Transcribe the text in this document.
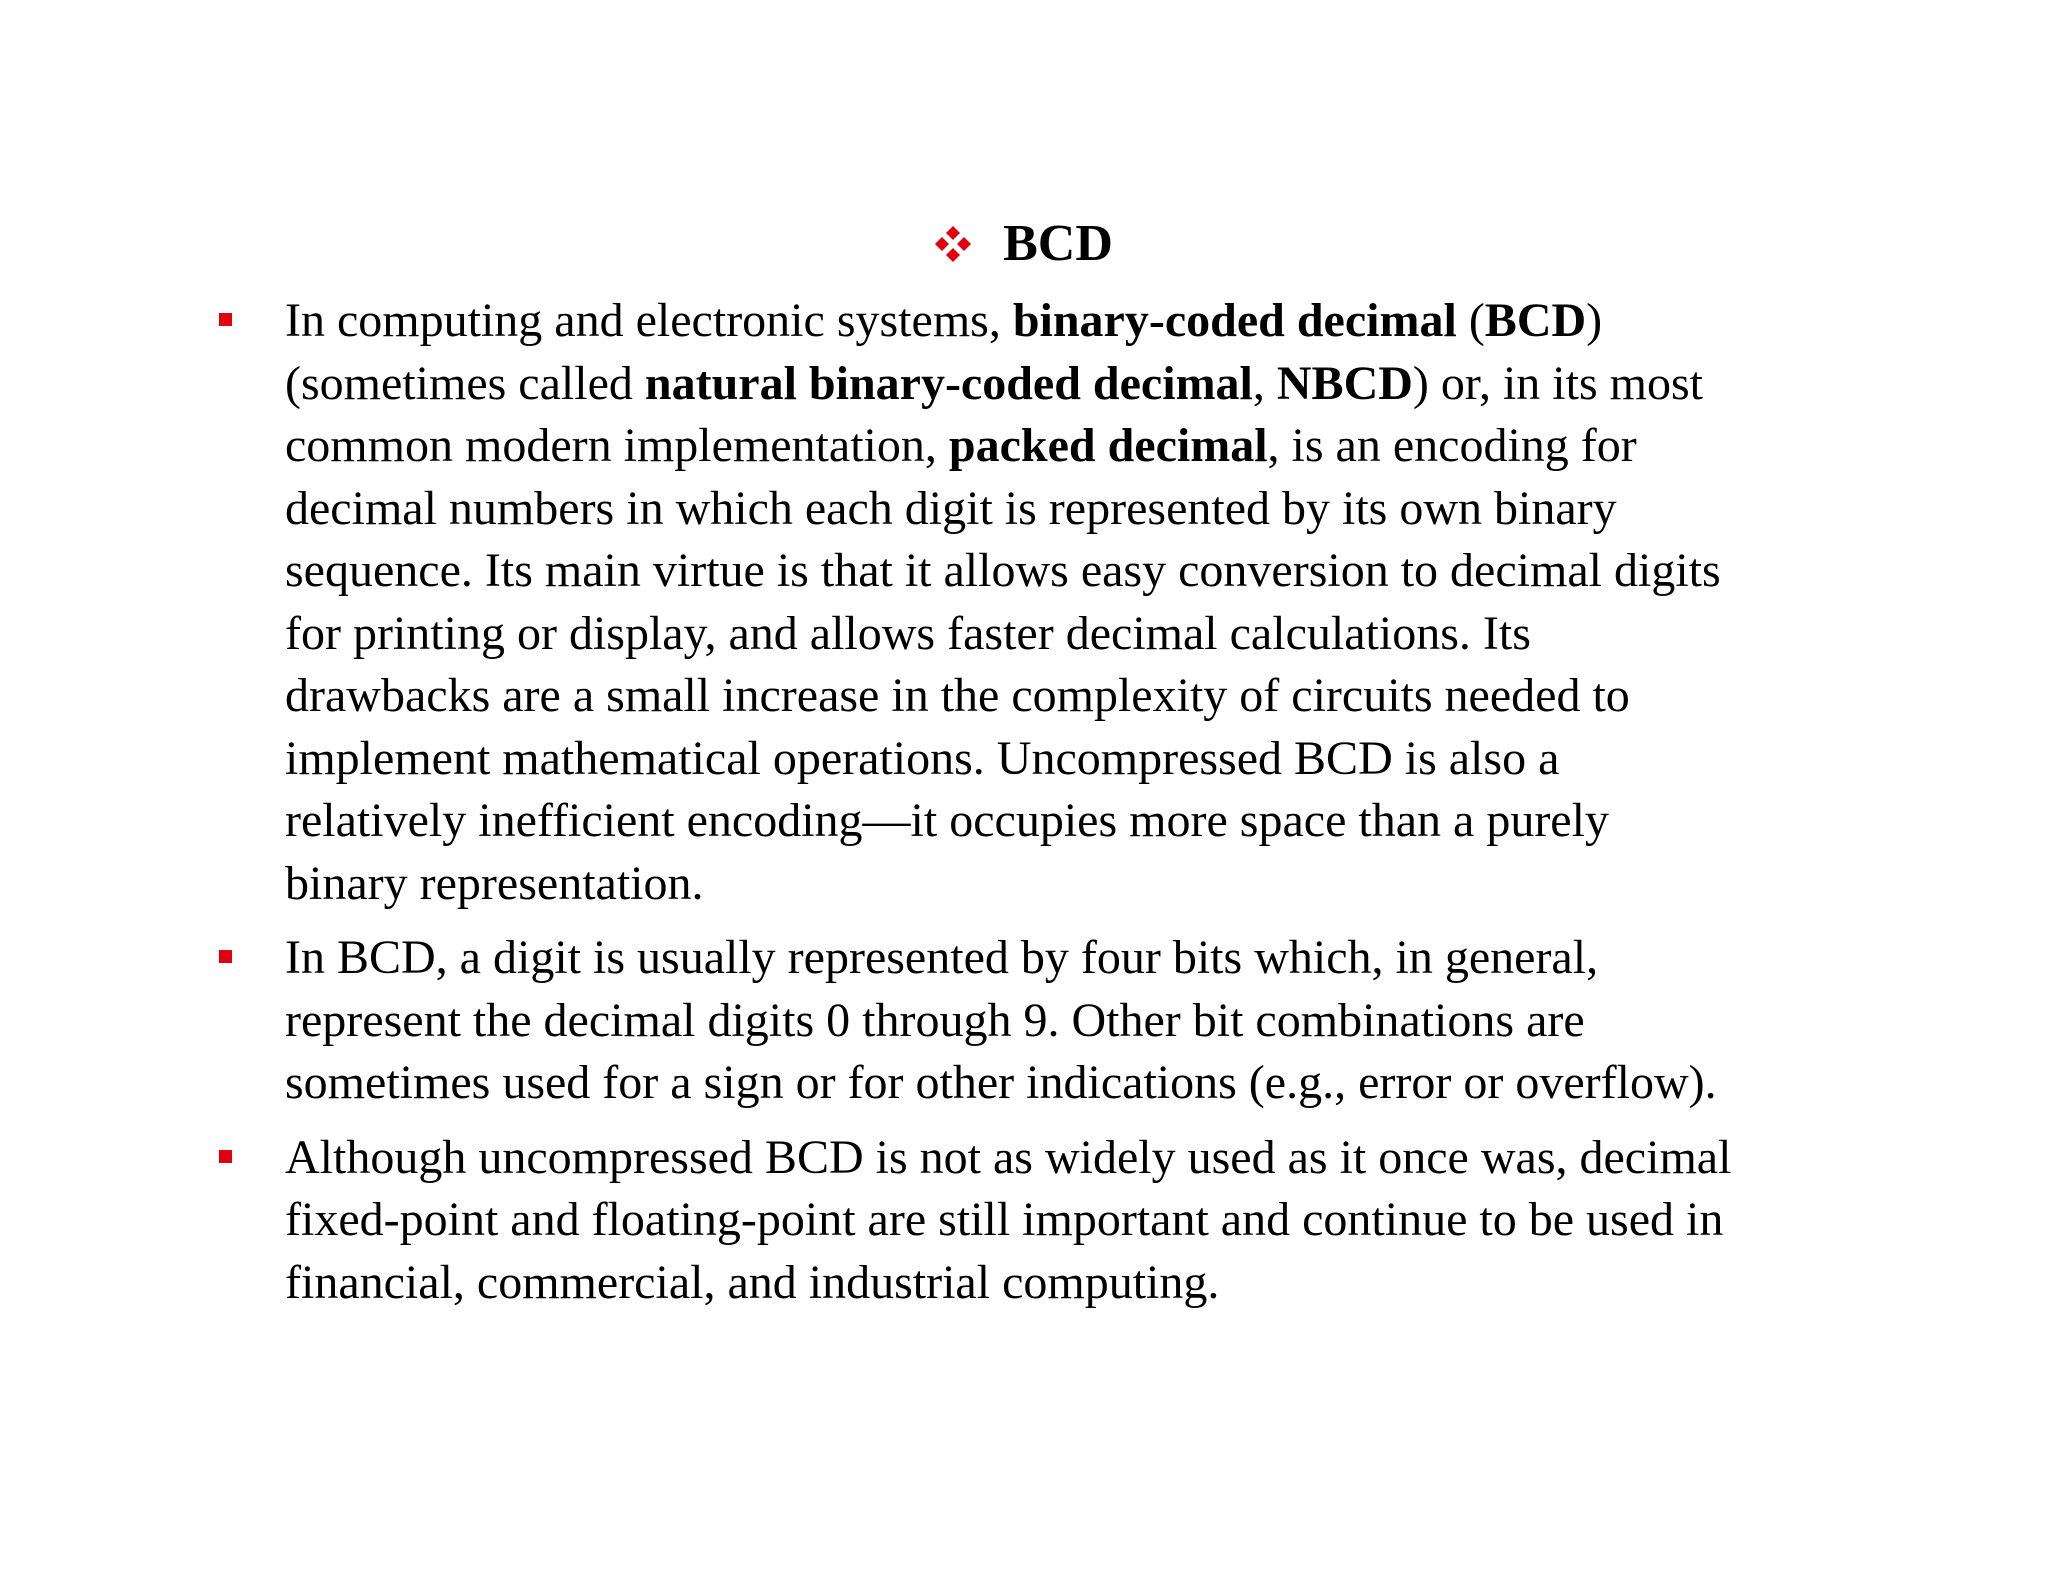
BCD
In computing and electronic systems, binary-coded decimal (BCD)
(sometimes called natural binary-coded decimal, NBCD) or, in its most
common modern implementation, packed decimal, is an encoding for
decimal numbers in which each digit is represented by its own binary
sequence. Its main virtue is that it allows easy conversion to decimal digits
for printing or display, and allows faster decimal calculations. Its
drawbacks are a small increase in the complexity of circuits needed to
implement mathematical operations. Uncompressed BCD is also a
relatively inefficient encoding—it occupies more space than a purely
binary representation.
In BCD, a digit is usually represented by four bits which, in general,
represent the decimal digits 0 through 9. Other bit combinations are
sometimes used for a sign or for other indications (e.g., error or overflow).
Although uncompressed BCD is not as widely used as it once was, decimal
fixed-point and floating-point are still important and continue to be used in
financial, commercial, and industrial computing.
